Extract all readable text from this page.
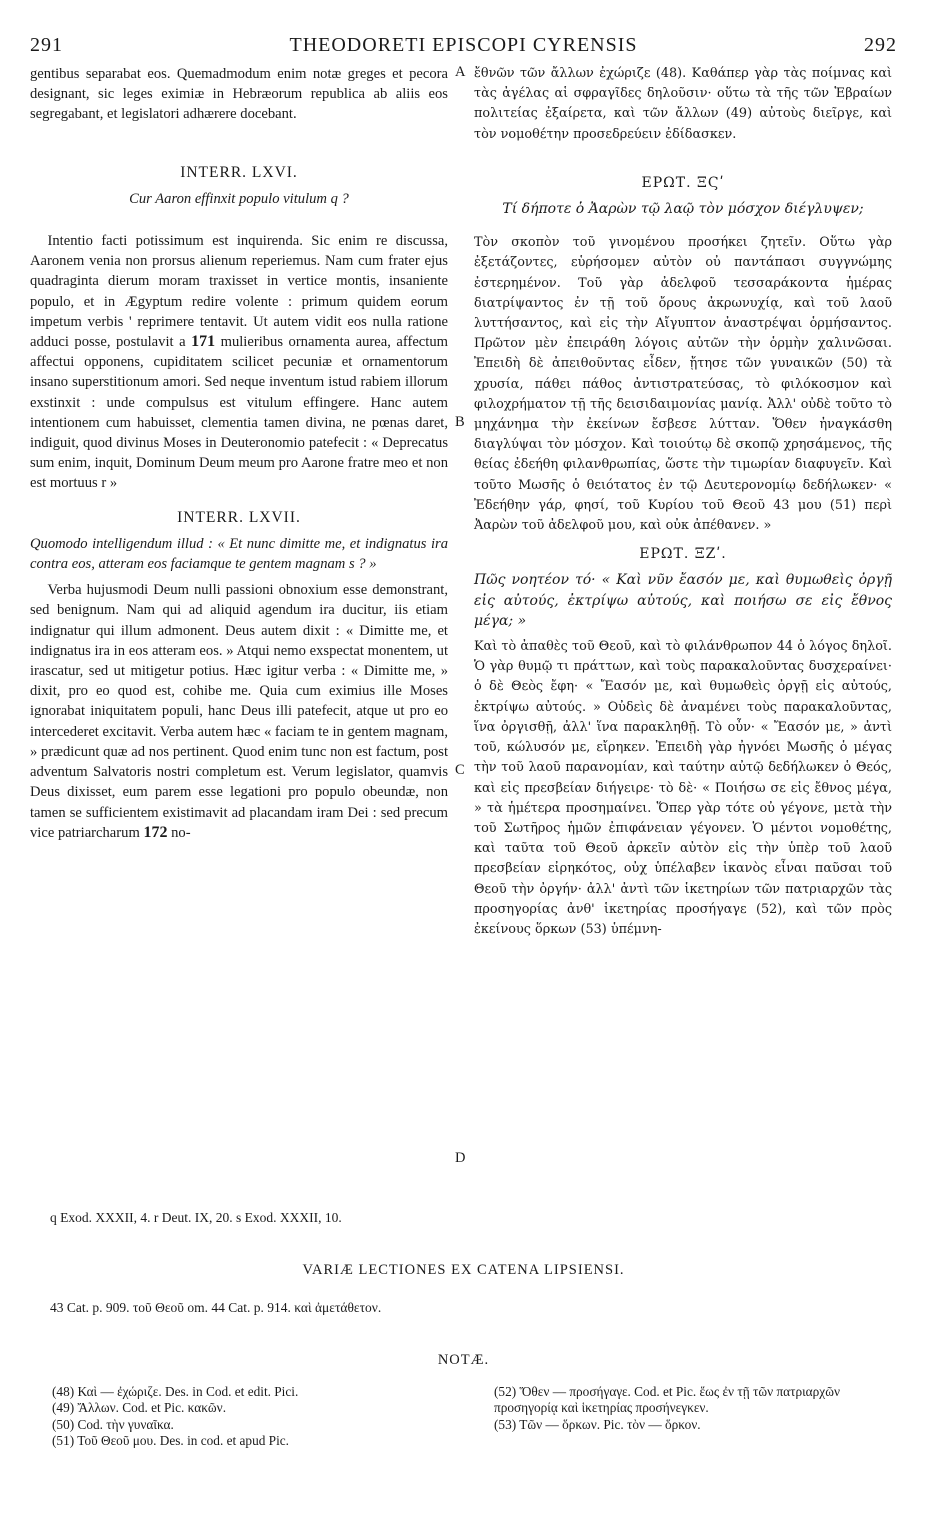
291	THEODORETI EPISCOPI CYRENSIS	292
A
B
C
D

gentibus separabat eos. Quemadmodum enim notæ greges et pecora designant, sic leges eximiæ in Hebræorum republica ab aliis eos segregabant, et legislatori adhærere docebant.

INTERR. LXVI.
Cur Aaron effinxit populo vitulum q ?

Intentio facti potissimum est inquirenda. Sic enim re discussa, Aaronem venia non prorsus alienum reperiemus. Nam cum frater ejus quadraginta dierum moram traxisset in vertice montis, insaniente populo, et in Ægyptum redire volente : primum quidem eorum impetum verbis ' reprimere tentavit. Ut autem vidit eos nulla ratione adduci posse, postulavit a 171 mulieribus ornamenta aurea, affectum affectui opponens, cupiditatem scilicet pecuniæ et ornamentorum insano superstitionum amori. Sed neque inventum istud rabiem illorum exstinxit : unde compulsus est vitulum effingere. Hanc autem intentionem cum habuisset, clementia tamen divina, ne pœnas daret, indiguit, quod divinus Moses in Deuteronomio patefecit : « Deprecatus sum enim, inquit, Dominum Deum meum pro Aarone fratre meo et non est mortuus r »

INTERR. LXVII.
Quomodo intelligendum illud : « Et nunc dimitte me, et indignatus ira contra eos, atteram eos faciamque te gentem magnam s ? »

Verba hujusmodi Deum nulli passioni obnoxium esse demonstrant, sed benignum. Nam qui ad aliquid agendum ira ducitur, iis etiam indignatur qui illum admonent. Deus autem dixit : « Dimitte me, et indignatus ira in eos atteram eos. » Atqui nemo exspectat monentem, ut irascatur, sed ut mitigetur potius. Hæc igitur verba : « Dimitte me, » dixit, pro eo quod est, cohibe me. Quia cum eximius ille Moses ignorabat iniquitatem populi, hanc Deus illi patefecit, atque ut pro eo intercederet excitavit. Verba autem hæc « faciam te in gentem magnam, » prædicunt quæ ad nos pertinent. Quod enim tunc non est factum, post adventum Salvatoris nostri completum est. Verum legislator, quamvis Deus dixisset, eum parem esse legationi pro populo obeundæ, non tamen se sufficientem existimavit ad placandam iram Dei : sed precum vice patriarcharum 172 no-

ἔθνῶν τῶν ἄλλων ἐχώριζε (48). Καθάπερ γὰρ τὰς ποίμνας καὶ τὰς ἀγέλας αἱ σφραγῖδες δηλοῦσιν· οὕτω τὰ τῆς τῶν Ἑβραίων πολιτείας ἐξαίρετα, καὶ τῶν ἄλλων (49) αὐτοὺς διεῖργε, καὶ τὸν νομοθέτην προσεδρεύειν ἐδίδασκεν.

ΕΡΩΤ. ΞϚʹ
Τί δήποτε ὁ Ἀαρὼν τῷ λαῷ τὸν μόσχον διέγλυψεν;

Τὸν σκοπὸν τοῦ γινομένου προσήκει ζητεῖν. Οὕτω γὰρ ἐξετάζοντες, εὑρήσομεν αὐτὸν οὐ παντάπασι συγγνώμης ἐστερημένον. Τοῦ γὰρ ἀδελφοῦ τεσσαράκοντα ἡμέρας διατρίψαντος ἐν τῇ τοῦ ὄρους ἀκρωνυχίᾳ, καὶ τοῦ λαοῦ λυττήσαντος, καὶ εἰς τὴν Αἴγυπτον ἀναστρέψαι ὁρμήσαντος. Πρῶτον μὲν ἐπειράθη λόγοις αὐτῶν τὴν ὁρμὴν χαλινῶσαι. Ἐπειδὴ δὲ ἀπειθοῦντας εἶδεν, ᾔτησε τῶν γυναικῶν (50) τὰ χρυσία, πάθει πάθος ἀντιστρατεύσας, τὸ φιλόκοσμον καὶ φιλοχρήματον τῇ τῆς δεισιδαιμονίας μανίᾳ. Ἀλλ' οὐδὲ τοῦτο τὸ μηχάνημα τὴν ἐκείνων ἔσβεσε λύτταν. Ὅθεν ἠναγκάσθη διαγλύψαι τὸν μόσχον. Καὶ τοιούτῳ δὲ σκοπῷ χρησάμενος, τῆς θείας ἐδεήθη φιλανθρωπίας, ὥστε τὴν τιμωρίαν διαφυγεῖν. Καὶ τοῦτο Μωσῆς ὁ θειότατος ἐν τῷ Δευτερονομίῳ δεδήλωκεν· « Ἐδεήθην γάρ, φησί, τοῦ Κυρίου τοῦ Θεοῦ 43 μου (51) περὶ Ἀαρὼν τοῦ ἀδελφοῦ μου, καὶ οὐκ ἀπέθανεν. »

ΕΡΩΤ. ΞΖʹ.
Πῶς νοητέον τό· « Καὶ νῦν ἔασόν με, καὶ θυμωθεὶς ὀργῇ εἰς αὐτούς, ἐκτρίψω αὐτούς, καὶ ποιήσω σε εἰς ἔθνος μέγα; »

Καὶ τὸ ἀπαθὲς τοῦ Θεοῦ, καὶ τὸ φιλάνθρωπον 44 ὁ λόγος δηλοῖ. Ὁ γὰρ θυμῷ τι πράττων, καὶ τοὺς παρακαλοῦντας δυσχεραίνει· ὁ δὲ Θεὸς ἔφη· « Ἔασόν με, καὶ θυμωθεὶς ὀργῇ εἰς αὐτούς, ἐκτρίψω αὐτούς. » Οὐδεὶς δὲ ἀναμένει τοὺς παρακαλοῦντας, ἵνα ὀργισθῇ, ἀλλ' ἵνα παρακληθῇ. Τὸ οὖν· « Ἔασόν με, » ἀντὶ τοῦ, κώλυσόν με, εἴρηκεν. Ἐπειδὴ γὰρ ἠγνόει Μωσῆς ὁ μέγας τὴν τοῦ λαοῦ παρανομίαν, καὶ ταύτην αὐτῷ δεδήλωκεν ὁ Θεός, καὶ εἰς πρεσβείαν διήγειρε· τὸ δὲ· « Ποιήσω σε εἰς ἔθνος μέγα, » τὰ ἡμέτερα προσημαίνει. Ὅπερ γὰρ τότε οὐ γέγονε, μετὰ τὴν τοῦ Σωτῆρος ἡμῶν ἐπιφάνειαν γέγονεν. Ὁ μέντοι νομοθέτης, καὶ ταῦτα τοῦ Θεοῦ ἀρκεῖν αὐτὸν εἰς τὴν ὑπὲρ τοῦ λαοῦ πρεσβείαν εἰρηκότος, οὐχ ὑπέλαβεν ἱκανὸς εἶναι παῦσαι τοῦ Θεοῦ τὴν ὀργήν· ἀλλ' ἀντὶ τῶν ἱκετηρίων τῶν πατριαρχῶν τὰς προσηγορίας ἀνθ' ἱκετηρίας προσήγαγε (52), καὶ τῶν πρὸς ἐκείνους ὅρκων (53) ὑπέμνη-

q Exod. XXXII, 4. r Deut. IX, 20. s Exod. XXXII, 10.
VARIÆ LECTIONES EX CATENA LIPSIENSI.
43 Cat. p. 909. τοῦ Θεοῦ om. 44 Cat. p. 914. καὶ ἀμετάθετον.
NOTÆ.
(48) Καὶ — ἐχώριζε. Des. in Cod. et edit. Pici.
(49) Ἄλλων. Cod. et Pic. κακῶν.
(50) Cod. τὴν γυναῖκα.
(51) Τοῦ Θεοῦ μου. Des. in cod. et apud Pic.
(52) Ὅθεν — προσήγαγε. Cod. et Pic. ἕως ἐν τῇ τῶν πατριαρχῶν προσηγορίᾳ καὶ ἱκετηρίας προσήνεγκεν.
(53) Τῶν — ὅρκων. Pic. τὸν — ὅρκον.
